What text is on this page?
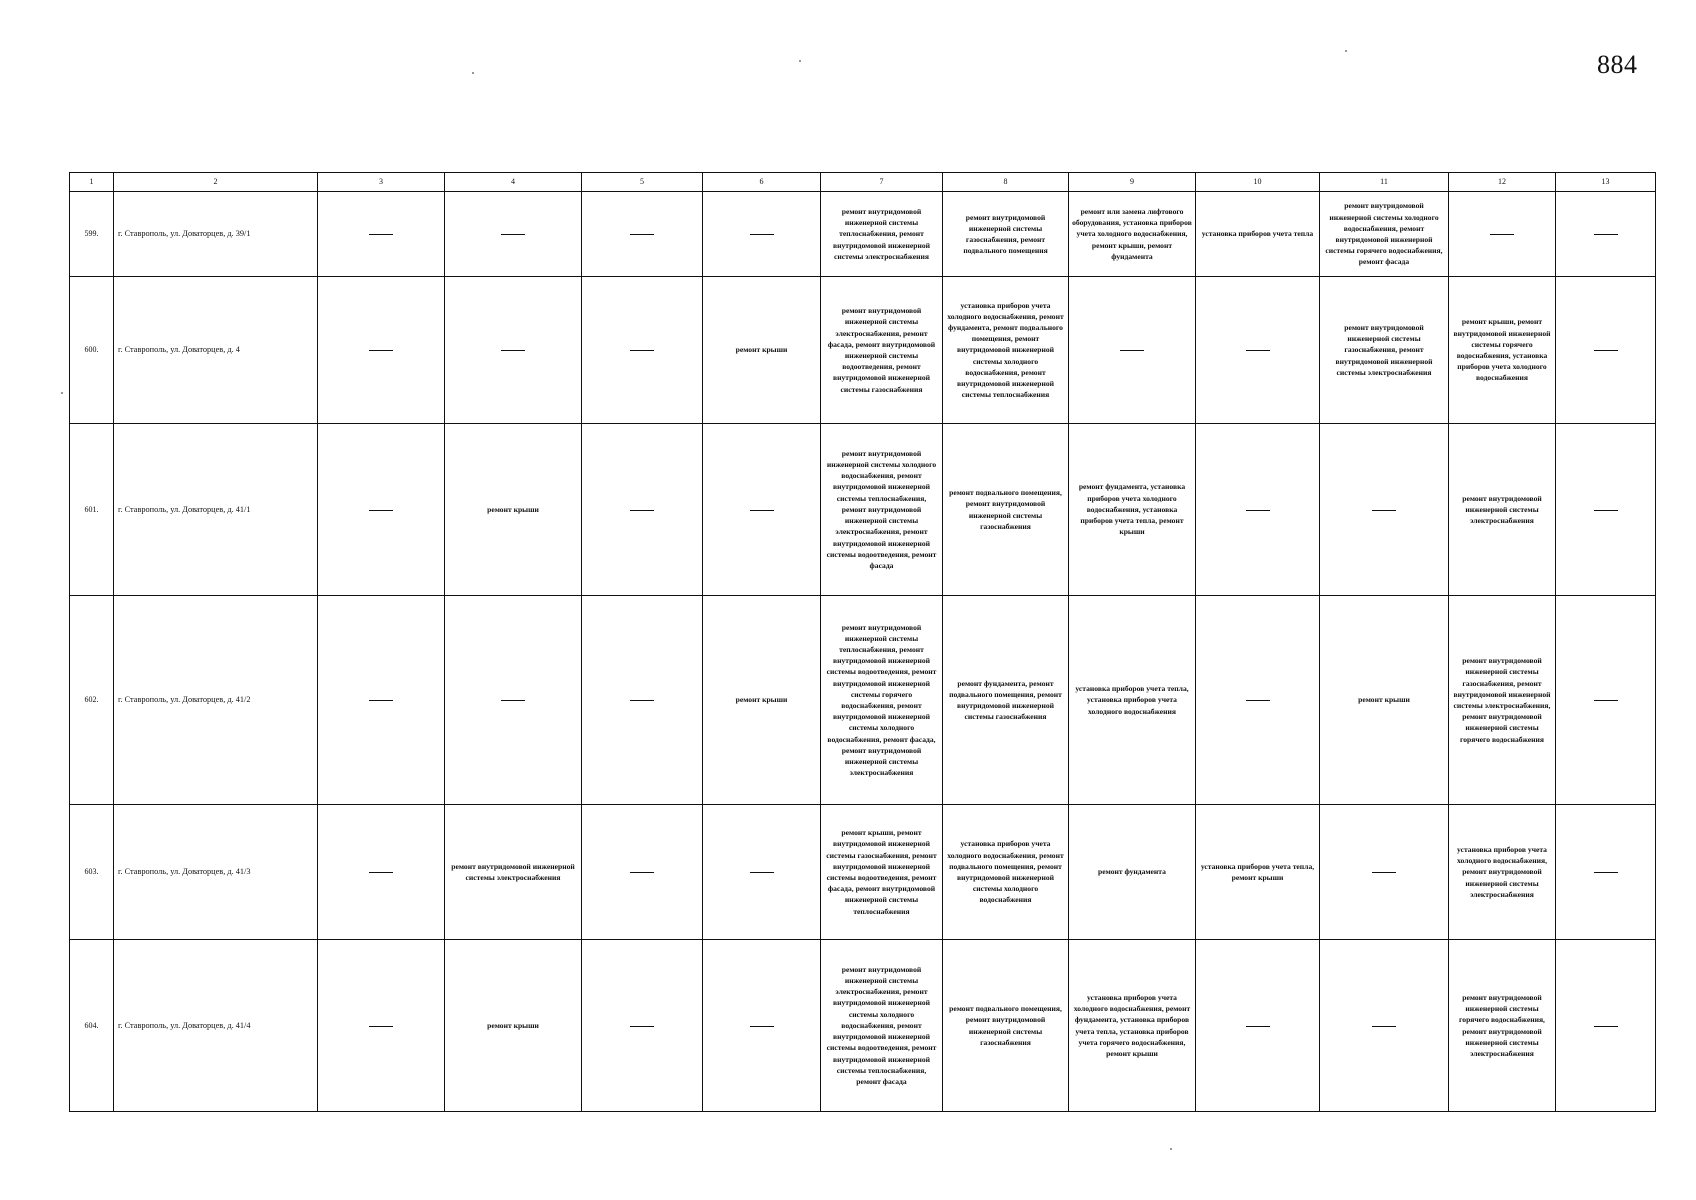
884
1	2	3	4	5	6	7	8	9	10	11	12	13
599.	г. Ставрополь, ул. Доваторцев, д. 39/1					ремонт внутридомовой инженерной системы теплоснабжения, ремонт внутридомовой инженерной системы электроснабжения	ремонт внутридомовой инженерной системы газоснабжения, ремонт подвального помещения	ремонт или замена лифтового оборудования, установка приборов учета холодного водоснабжения, ремонт крыши, ремонт фундамента	установка приборов учета тепла	ремонт внутридомовой инженерной системы холодного водоснабжения, ремонт внутридомовой инженерной системы горячего водоснабжения, ремонт фасада		
600.	г. Ставрополь, ул. Доваторцев, д. 4				ремонт крыши	ремонт внутридомовой инженерной системы электроснабжения, ремонт фасада, ремонт внутридомовой инженерной системы водоотведения, ремонт внутридомовой инженерной системы газоснабжения	установка приборов учета холодного водоснабжения, ремонт фундамента, ремонт подвального помещения, ремонт внутридомовой инженерной системы холодного водоснабжения, ремонт внутридомовой инженерной системы теплоснабжения			ремонт внутридомовой инженерной системы газоснабжения, ремонт внутридомовой инженерной системы электроснабжения	ремонт крыши, ремонт внутридомовой инженерной системы горячего водоснабжения, установка приборов учета холодного водоснабжения	
601.	г. Ставрополь, ул. Доваторцев, д. 41/1		ремонт крыши			ремонт внутридомовой инженерной системы холодного водоснабжения, ремонт внутридомовой инженерной системы теплоснабжения, ремонт внутридомовой инженерной системы электроснабжения, ремонт внутридомовой инженерной системы водоотведения, ремонт фасада	ремонт подвального помещения, ремонт внутридомовой инженерной системы газоснабжения	ремонт фундамента, установка приборов учета холодного водоснабжения, установка приборов учета тепла, ремонт крыши			ремонт внутридомовой инженерной системы электроснабжения	
602.	г. Ставрополь, ул. Доваторцев, д. 41/2				ремонт крыши	ремонт внутридомовой инженерной системы теплоснабжения, ремонт внутридомовой инженерной системы водоотведения, ремонт внутридомовой инженерной системы горячего водоснабжения, ремонт внутридомовой инженерной системы холодного водоснабжения, ремонт фасада, ремонт внутридомовой инженерной системы электроснабжения	ремонт фундамента, ремонт подвального помещения, ремонт внутридомовой инженерной системы газоснабжения	установка приборов учета тепла, установка приборов учета холодного водоснабжения		ремонт крыши	ремонт внутридомовой инженерной системы газоснабжения, ремонт внутридомовой инженерной системы электроснабжения, ремонт внутридомовой инженерной системы горячего водоснабжения	
603.	г. Ставрополь, ул. Доваторцев, д. 41/3		ремонт внутридомовой инженерной системы электроснабжения			ремонт крыши, ремонт внутридомовой инженерной системы газоснабжения, ремонт внутридомовой инженерной системы водоотведения, ремонт фасада, ремонт внутридомовой инженерной системы теплоснабжения	установка приборов учета холодного водоснабжения, ремонт подвального помещения, ремонт внутридомовой инженерной системы холодного водоснабжения	ремонт фундамента	установка приборов учета тепла, ремонт крыши		установка приборов учета холодного водоснабжения, ремонт внутридомовой инженерной системы электроснабжения	
604.	г. Ставрополь, ул. Доваторцев, д. 41/4		ремонт крыши			ремонт внутридомовой инженерной системы электроснабжения, ремонт внутридомовой инженерной системы холодного водоснабжения, ремонт внутридомовой инженерной системы водоотведения, ремонт внутридомовой инженерной системы теплоснабжения, ремонт фасада	ремонт подвального помещения, ремонт внутридомовой инженерной системы газоснабжения	установка приборов учета холодного водоснабжения, ремонт фундамента, установка приборов учета тепла, установка приборов учета горячего водоснабжения, ремонт крыши			ремонт внутридомовой инженерной системы горячего водоснабжения, ремонт внутридомовой инженерной системы электроснабжения	
